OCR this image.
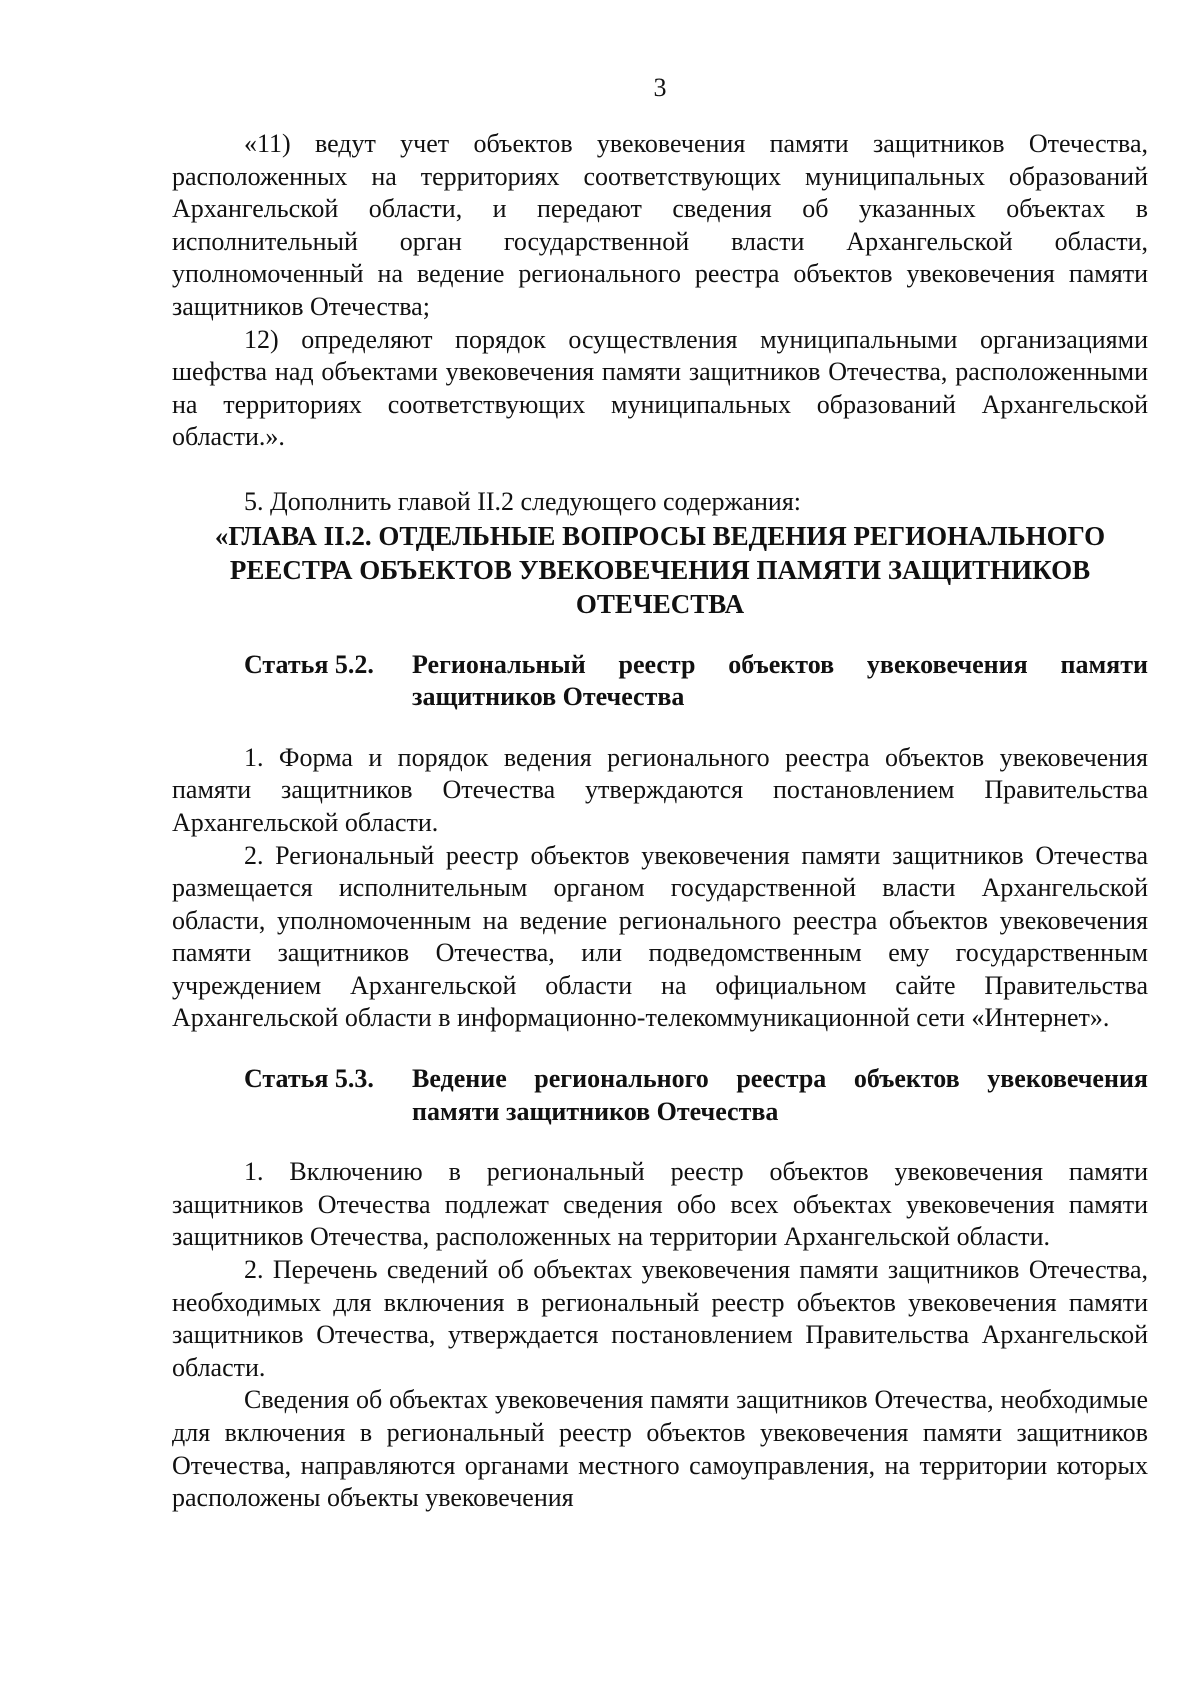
3

«11) ведут учет объектов увековечения памяти защитников Отечества, расположенных на территориях соответствующих муниципальных образований Архангельской области, и передают сведения об указанных объектах в исполнительный орган государственной власти Архангельской области, уполномоченный на ведение регионального реестра объектов увековечения памяти защитников Отечества;

12) определяют порядок осуществления муниципальными организациями шефства над объектами увековечения памяти защитников Отечества, расположенными на территориях соответствующих муниципальных образований Архангельской области.».

5. Дополнить главой II.2 следующего содержания:

«ГЛАВА II.2. ОТДЕЛЬНЫЕ ВОПРОСЫ ВЕДЕНИЯ РЕГИОНАЛЬНОГО РЕЕСТРА ОБЪЕКТОВ УВЕКОВЕЧЕНИЯ ПАМЯТИ ЗАЩИТНИКОВ ОТЕЧЕСТВА
Статья 5.2.	Региональный реестр объектов увековечения памяти защитников Отечества

1. Форма и порядок ведения регионального реестра объектов увековечения памяти защитников Отечества утверждаются постановлением Правительства Архангельской области.

2. Региональный реестр объектов увековечения памяти защитников Отечества размещается исполнительным органом государственной власти Архангельской области, уполномоченным на ведение регионального реестра объектов увековечения памяти защитников Отечества, или подведомственным ему государственным учреждением Архангельской области на официальном сайте Правительства Архангельской области в информационно-телекоммуникационной сети «Интернет».

Статья 5.3.	Ведение регионального реестра объектов увековечения памяти защитников Отечества

1. Включению в региональный реестр объектов увековечения памяти защитников Отечества подлежат сведения обо всех объектах увековечения памяти защитников Отечества, расположенных на территории Архангельской области.

2. Перечень сведений об объектах увековечения памяти защитников Отечества, необходимых для включения в региональный реестр объектов увековечения памяти защитников Отечества, утверждается постановлением Правительства Архангельской области.

Сведения об объектах увековечения памяти защитников Отечества, необходимые для включения в региональный реестр объектов увековечения памяти защитников Отечества, направляются органами местного самоуправления, на территории которых расположены объекты увековечения
